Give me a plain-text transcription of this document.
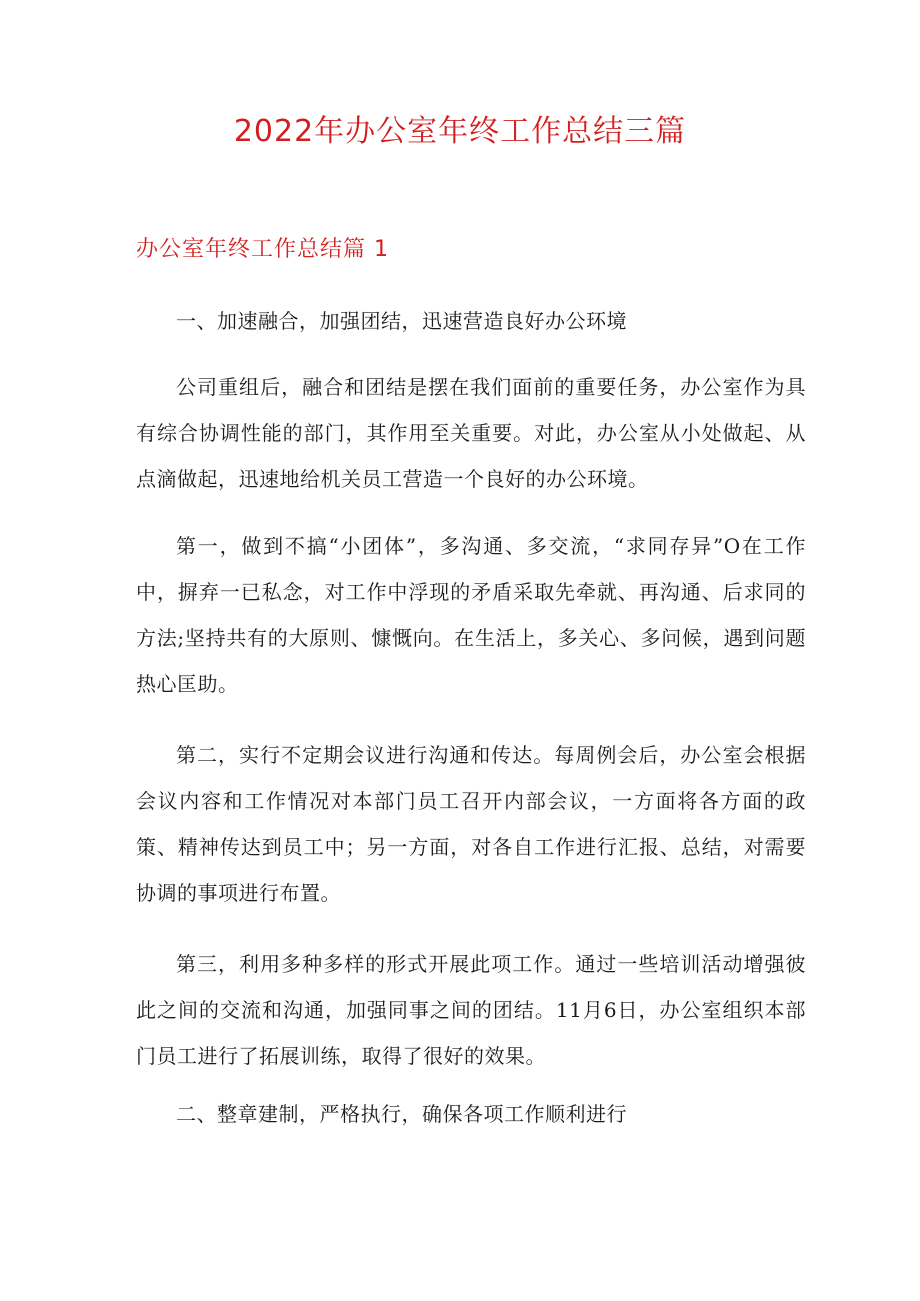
2022年办公室年终工作总结三篇
办公室年终工作总结篇 1

一、加速融合，加强团结，迅速营造良好办公环境

公司重组后，融合和团结是摆在我们面前的重要任务，办公室作为具有综合协调性能的部门，其作用至关重要。对此，办公室从小处做起、从点滴做起，迅速地给机关员工营造一个良好的办公环境。

第一，做到不搞“小团体”，多沟通、多交流，“求同存异”O在工作中，摒弃一已私念，对工作中浮现的矛盾采取先牵就、再沟通、后求同的方法;坚持共有的大原则、慷慨向。在生活上，多关心、多问候，遇到问题热心匡助。

第二，实行不定期会议进行沟通和传达。每周例会后，办公室会根据会议内容和工作情况对本部门员工召开内部会议，一方面将各方面的政策、精神传达到员工中；另一方面，对各自工作进行汇报、总结，对需要协调的事项进行布置。

第三，利用多种多样的形式开展此项工作。通过一些培训活动增强彼此之间的交流和沟通，加强同事之间的团结。11月6日，办公室组织本部门员工进行了拓展训练，取得了很好的效果。

二、整章建制，严格执行，确保各项工作顺利进行
